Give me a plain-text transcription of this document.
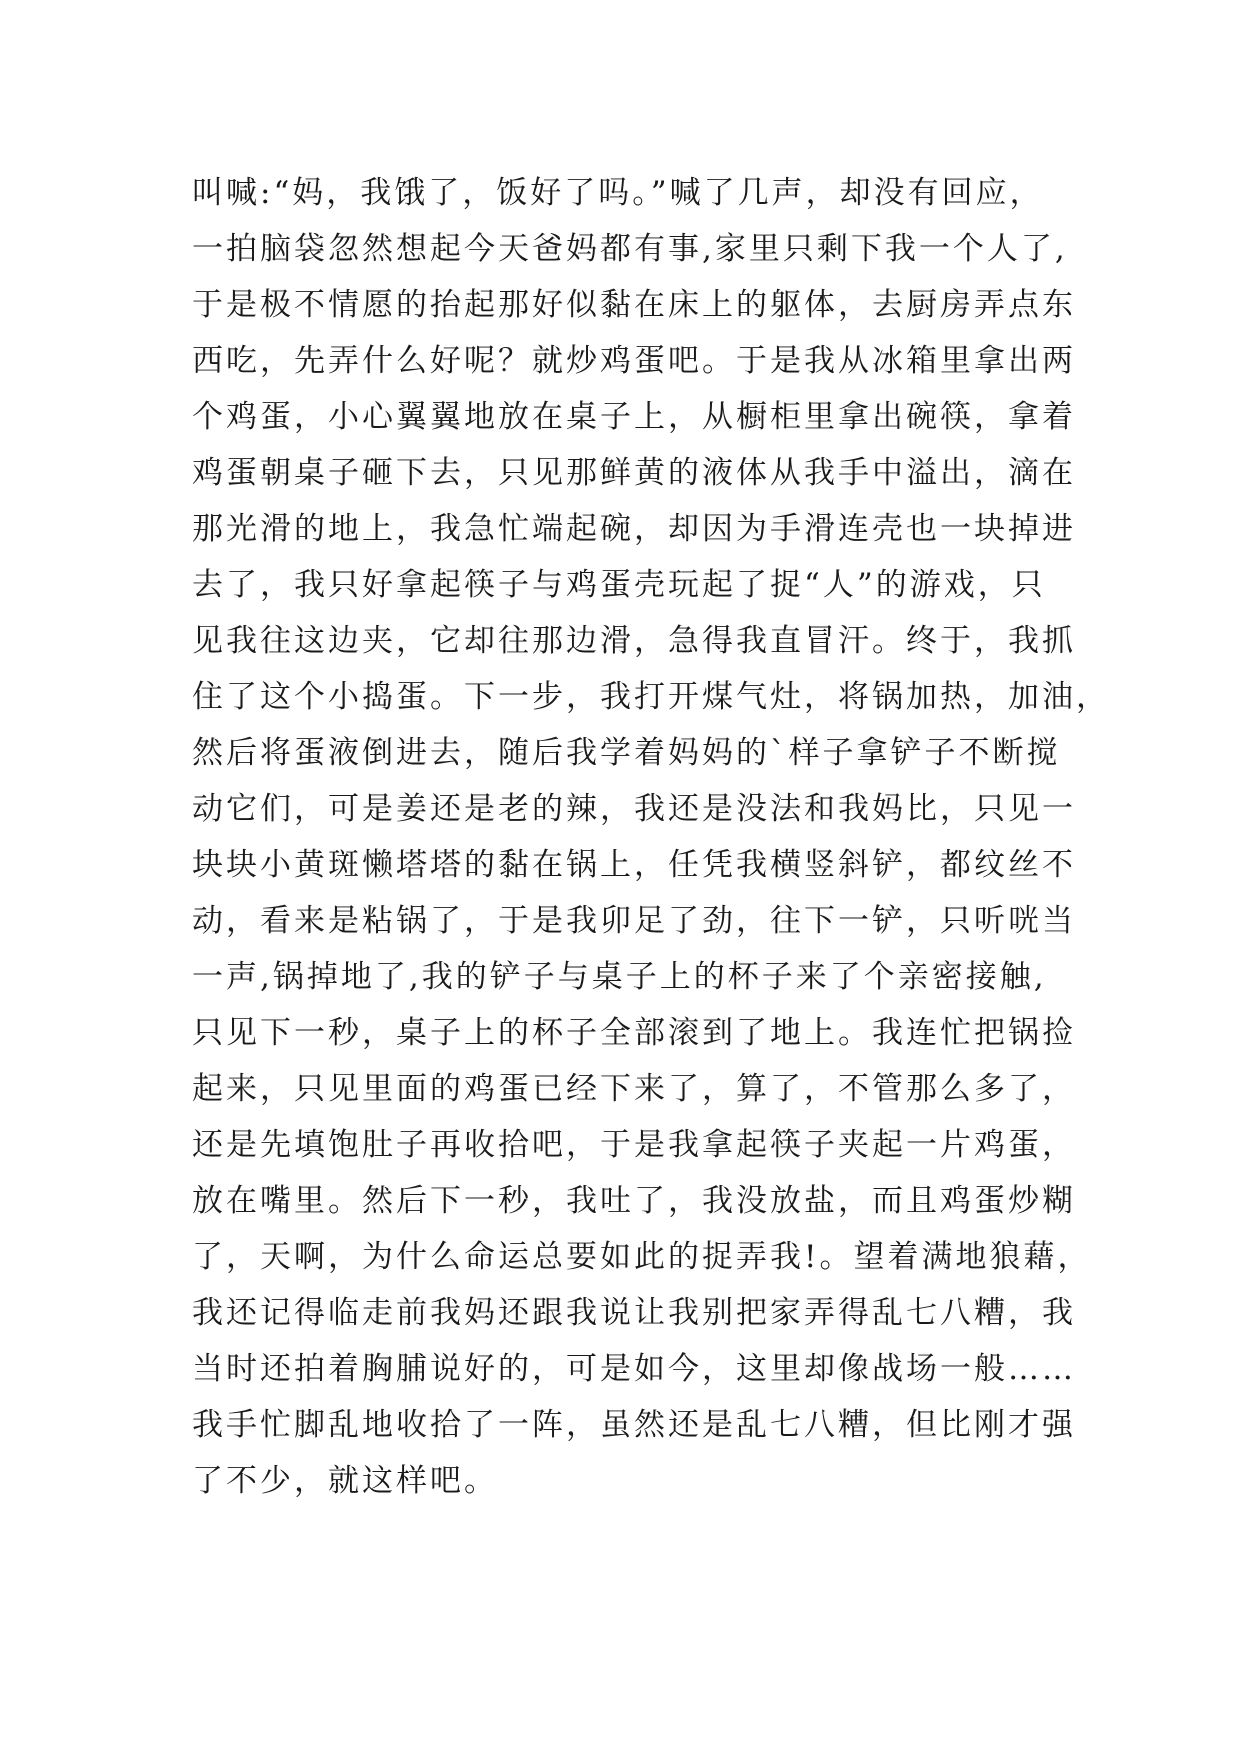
叫喊:“妈，我饿了，饭好了吗。”喊了几声，却没有回应，
一拍脑袋忽然想起今天爸妈都有事,家里只剩下我一个人了,
于是极不情愿的抬起那好似黏在床上的躯体，去厨房弄点东
西吃，先弄什么好呢？就炒鸡蛋吧。于是我从冰箱里拿出两
个鸡蛋，小心翼翼地放在桌子上，从橱柜里拿出碗筷，拿着
鸡蛋朝桌子砸下去，只见那鲜黄的液体从我手中溢出，滴在
那光滑的地上，我急忙端起碗，却因为手滑连壳也一块掉进
去了，我只好拿起筷子与鸡蛋壳玩起了捉“人”的游戏，只
见我往这边夹，它却往那边滑，急得我直冒汗。终于，我抓
住了这个小捣蛋。下一步，我打开煤气灶，将锅加热，加油，
然后将蛋液倒进去，随后我学着妈妈的`样子拿铲子不断搅
动它们，可是姜还是老的辣，我还是没法和我妈比，只见一
块块小黄斑懒塔塔的黏在锅上，任凭我横竖斜铲，都纹丝不
动，看来是粘锅了，于是我卯足了劲，往下一铲，只听咣当
一声,锅掉地了,我的铲子与桌子上的杯子来了个亲密接触,
只见下一秒，桌子上的杯子全部滚到了地上。我连忙把锅捡
起来，只见里面的鸡蛋已经下来了，算了，不管那么多了，
还是先填饱肚子再收拾吧，于是我拿起筷子夹起一片鸡蛋，
放在嘴里。然后下一秒，我吐了，我没放盐，而且鸡蛋炒糊
了，天啊，为什么命运总要如此的捉弄我!。望着满地狼藉，
我还记得临走前我妈还跟我说让我别把家弄得乱七八糟，我
当时还拍着胸脯说好的，可是如今，这里却像战场一般……
我手忙脚乱地收拾了一阵，虽然还是乱七八糟，但比刚才强
了不少，就这样吧。
